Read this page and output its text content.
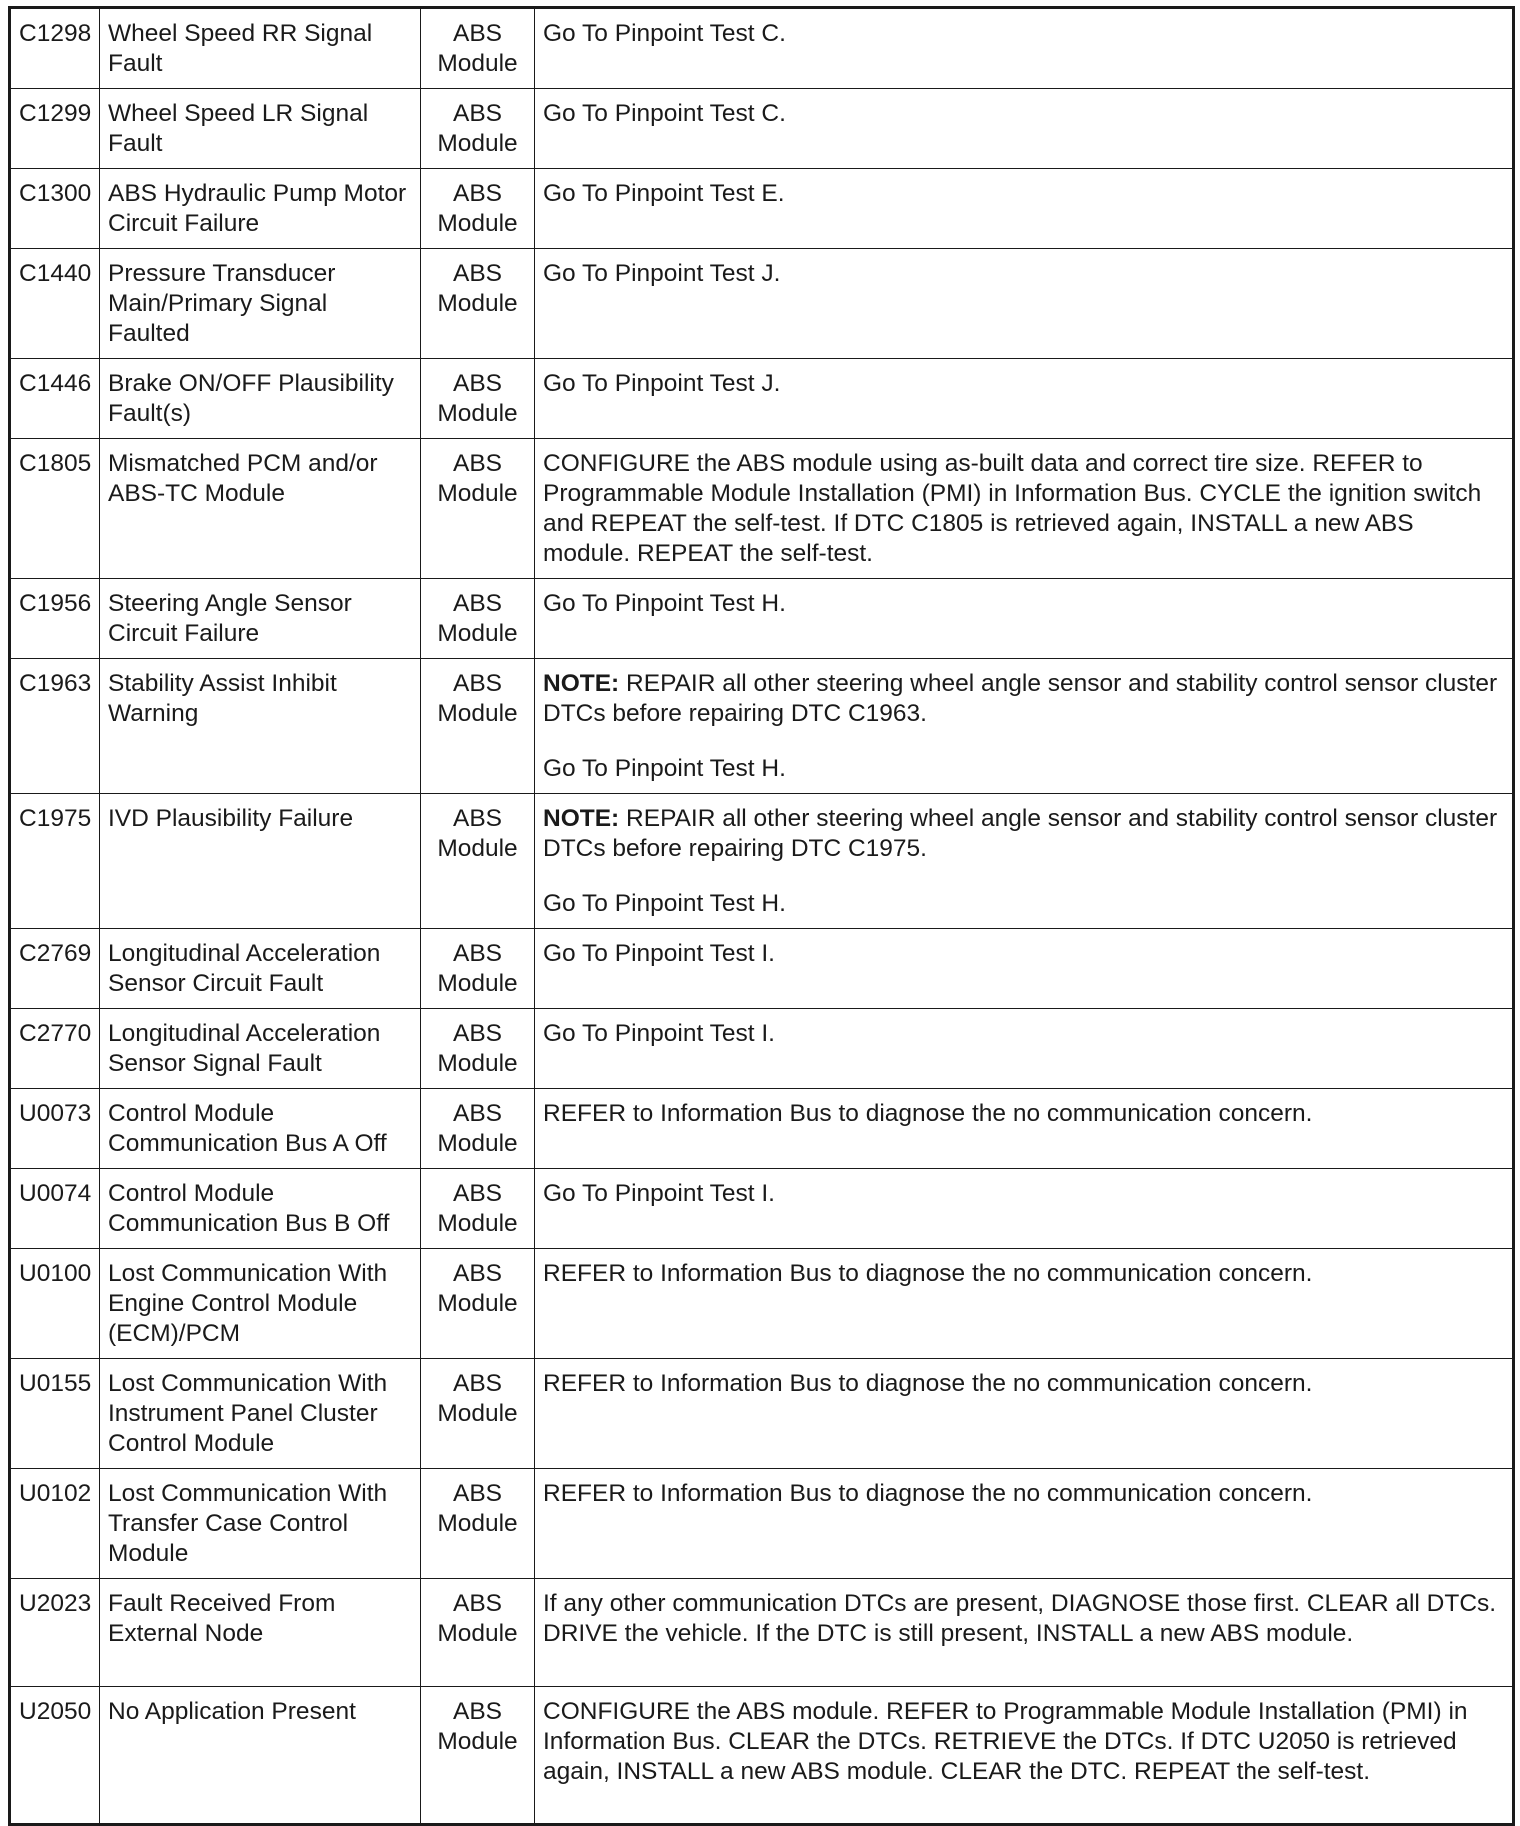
C1298	Wheel Speed RR Signal Fault	ABS Module	Go To Pinpoint Test C.

C1299	Wheel Speed LR Signal Fault	ABS Module	Go To Pinpoint Test C.

C1300	ABS Hydraulic Pump Motor Circuit Failure	ABS Module	Go To Pinpoint Test E.

C1440	Pressure Transducer Main/Primary Signal Faulted	ABS Module	Go To Pinpoint Test J.

C1446	Brake ON/OFF Plausibility Fault(s)	ABS Module	Go To Pinpoint Test J.

C1805	Mismatched PCM and/or ABS-TC Module	ABS Module	CONFIGURE the ABS module using as-built data and correct tire size. REFER to Programmable Module Installation (PMI) in Information Bus. CYCLE the ignition switch and REPEAT the self-test. If DTC C1805 is retrieved again, INSTALL a new ABS module. REPEAT the self-test.

C1956	Steering Angle Sensor Circuit Failure	ABS Module	Go To Pinpoint Test H.

C1963	Stability Assist Inhibit Warning	ABS Module	NOTE: REPAIR all other steering wheel angle sensor and stability control sensor cluster DTCs before repairing DTC C1963.

Go To Pinpoint Test H.

C1975	IVD Plausibility Failure	ABS Module	NOTE: REPAIR all other steering wheel angle sensor and stability control sensor cluster DTCs before repairing DTC C1975.

Go To Pinpoint Test H.

C2769	Longitudinal Acceleration Sensor Circuit Fault	ABS Module	Go To Pinpoint Test I.

C2770	Longitudinal Acceleration Sensor Signal Fault	ABS Module	Go To Pinpoint Test I.

U0073	Control Module Communication Bus A Off	ABS Module	REFER to Information Bus to diagnose the no communication concern.

U0074	Control Module Communication Bus B Off	ABS Module	Go To Pinpoint Test I.

U0100	Lost Communication With Engine Control Module (ECM)/PCM	ABS Module	REFER to Information Bus to diagnose the no communication concern.

U0155	Lost Communication With Instrument Panel Cluster Control Module	ABS Module	REFER to Information Bus to diagnose the no communication concern.

U0102	Lost Communication With Transfer Case Control Module	ABS Module	REFER to Information Bus to diagnose the no communication concern.

U2023	Fault Received From External Node	ABS Module	If any other communication DTCs are present, DIAGNOSE those first. CLEAR all DTCs. DRIVE the vehicle. If the DTC is still present, INSTALL a new ABS module.

U2050	No Application Present	ABS Module	CONFIGURE the ABS module. REFER to Programmable Module Installation (PMI) in Information Bus. CLEAR the DTCs. RETRIEVE the DTCs. If DTC U2050 is retrieved again, INSTALL a new ABS module. CLEAR the DTC. REPEAT the self-test.
